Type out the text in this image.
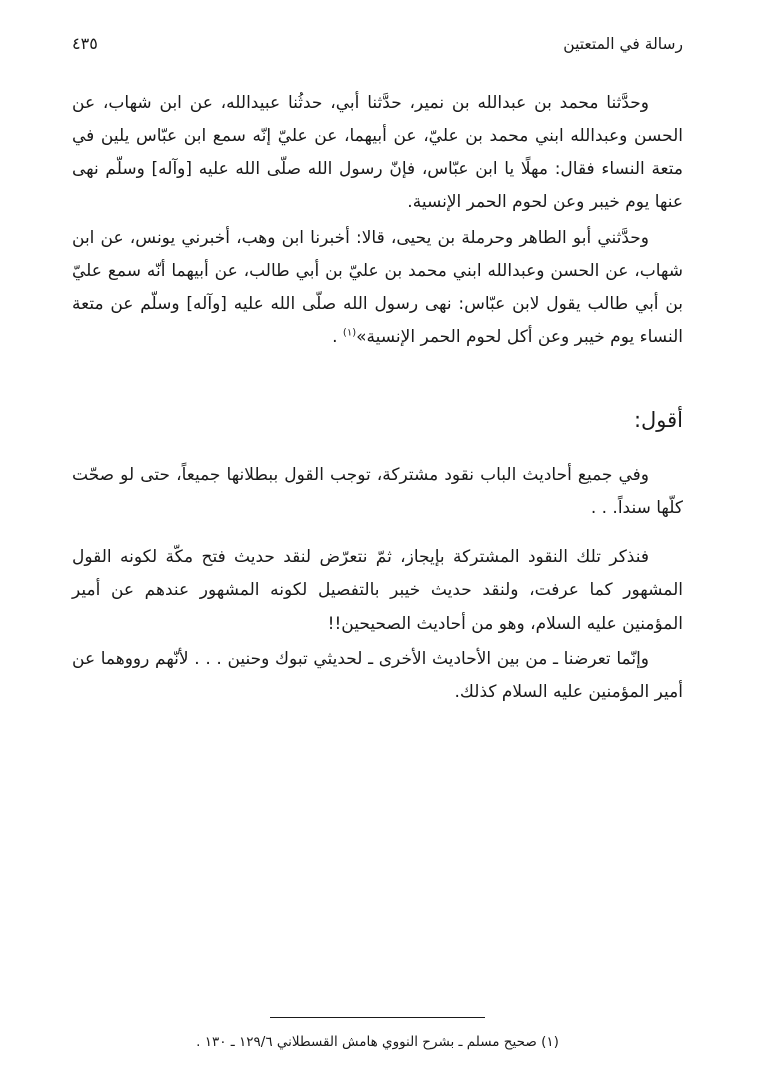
٤٣٥	رسالة في المتعتين

وحدَّثنا محمد بن عبدالله بن نمير، حدَّثنا أبي، حدثُنا عبيدالله، عن ابن شهاب، عن الحسن وعبدالله ابني محمد بن عليّ، عن أبيهما، عن عليّ إنّه سمع ابن عبّاس يلين في متعة النساء فقال: مهلًا يا ابن عبّاس، فإنّ رسول الله صلّى الله عليه [وآله] وسلّم نهى عنها يوم خيبر وعن لحوم الحمر الإنسية.

وحدَّثني أبو الطاهر وحرملة بن يحيى، قالا: أخبرنا ابن وهب، أخبرني يونس، عن ابن شهاب، عن الحسن وعبدالله ابني محمد بن عليّ بن أبي طالب، عن أبيهما أنّه سمع عليّ بن أبي طالب يقول لابن عبّاس: نهى رسول الله صلّى الله عليه [وآله] وسلّم عن متعة النساء يوم خيبر وعن أكل لحوم الحمر الإنسية»$^{(١)}$ .

أقول:

وفي جميع أحاديث الباب نقود مشتركة، توجب القول ببطلانها جميعاً، حتى لو صحّت كلّها سنداً. . .

فنذكر تلك النقود المشتركة بإيجاز، ثمّ نتعرّض لنقد حديث فتح مكّة لكونه القول المشهور كما عرفت، ولنقد حديث خيبر بالتفصيل لكونه المشهور عندهم عن أمير المؤمنين عليه السلام، وهو من أحاديث الصحيحين!!

وإنّما تعرضنا ـ من بين الأحاديث الأخرى ـ لحديثي تبوك وحنين . . . لأنّهم رووهما عن أمير المؤمنين عليه السلام كذلك.

(١) صحيح مسلم ـ بشرح النووي هامش القسطلاني ١٢٩/٦ ـ ١٣٠ .
